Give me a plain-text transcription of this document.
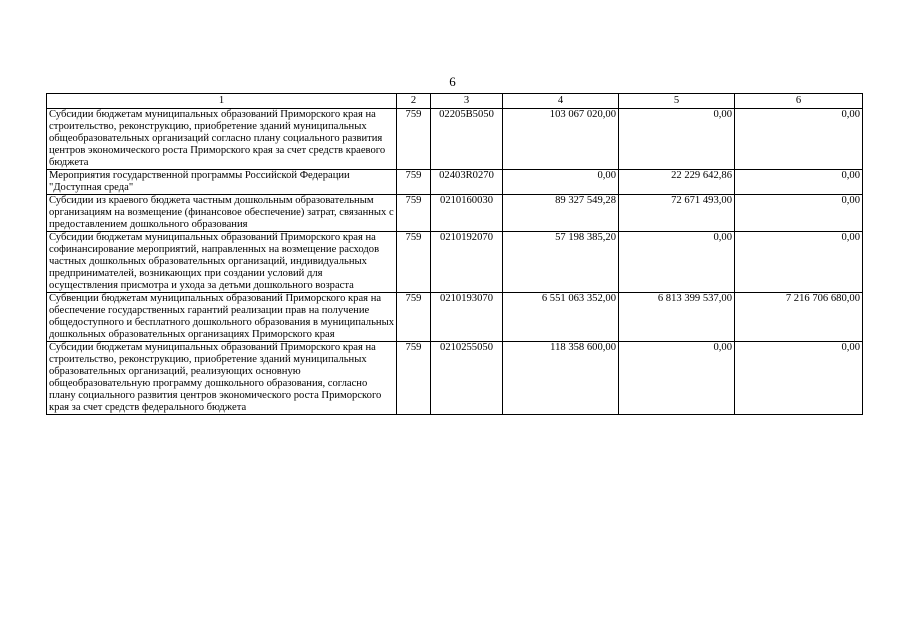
6
1	2	3	4	5	6
Субсидии бюджетам муниципальных образований Приморского края на строительство, реконструкцию, приобретение зданий муниципальных общеобразовательных организаций согласно плану социального развития центров экономического роста Приморского края за счет средств краевого бюджета	759	02205B5050	103 067 020,00	0,00	0,00
Мероприятия государственной программы Российской Федерации "Доступная среда"	759	02403R0270	0,00	22 229 642,86	0,00
Субсидии из краевого бюджета частным дошкольным образовательным организациям на возмещение (финансовое обеспечение) затрат, связанных с предоставлением дошкольного образования	759	0210160030	89 327 549,28	72 671 493,00	0,00
Субсидии бюджетам муниципальных образований Приморского края на софинансирование мероприятий, направленных на возмещение расходов частных дошкольных образовательных организаций, индивидуальных предпринимателей, возникающих при создании условий для осуществления присмотра и ухода за детьми дошкольного возраста	759	0210192070	57 198 385,20	0,00	0,00
Субвенции бюджетам муниципальных образований Приморского края на обеспечение государственных гарантий реализации прав на получение общедоступного и бесплатного дошкольного образования в муниципальных дошкольных образовательных организациях Приморского края	759	0210193070	6 551 063 352,00	6 813 399 537,00	7 216 706 680,00
Субсидии бюджетам муниципальных образований Приморского края на строительство, реконструкцию, приобретение зданий муниципальных образовательных организаций, реализующих основную общеобразовательную программу дошкольного образования, согласно плану социального развития центров экономического роста Приморского края за счет средств федерального бюджета	759	0210255050	118 358 600,00	0,00	0,00
